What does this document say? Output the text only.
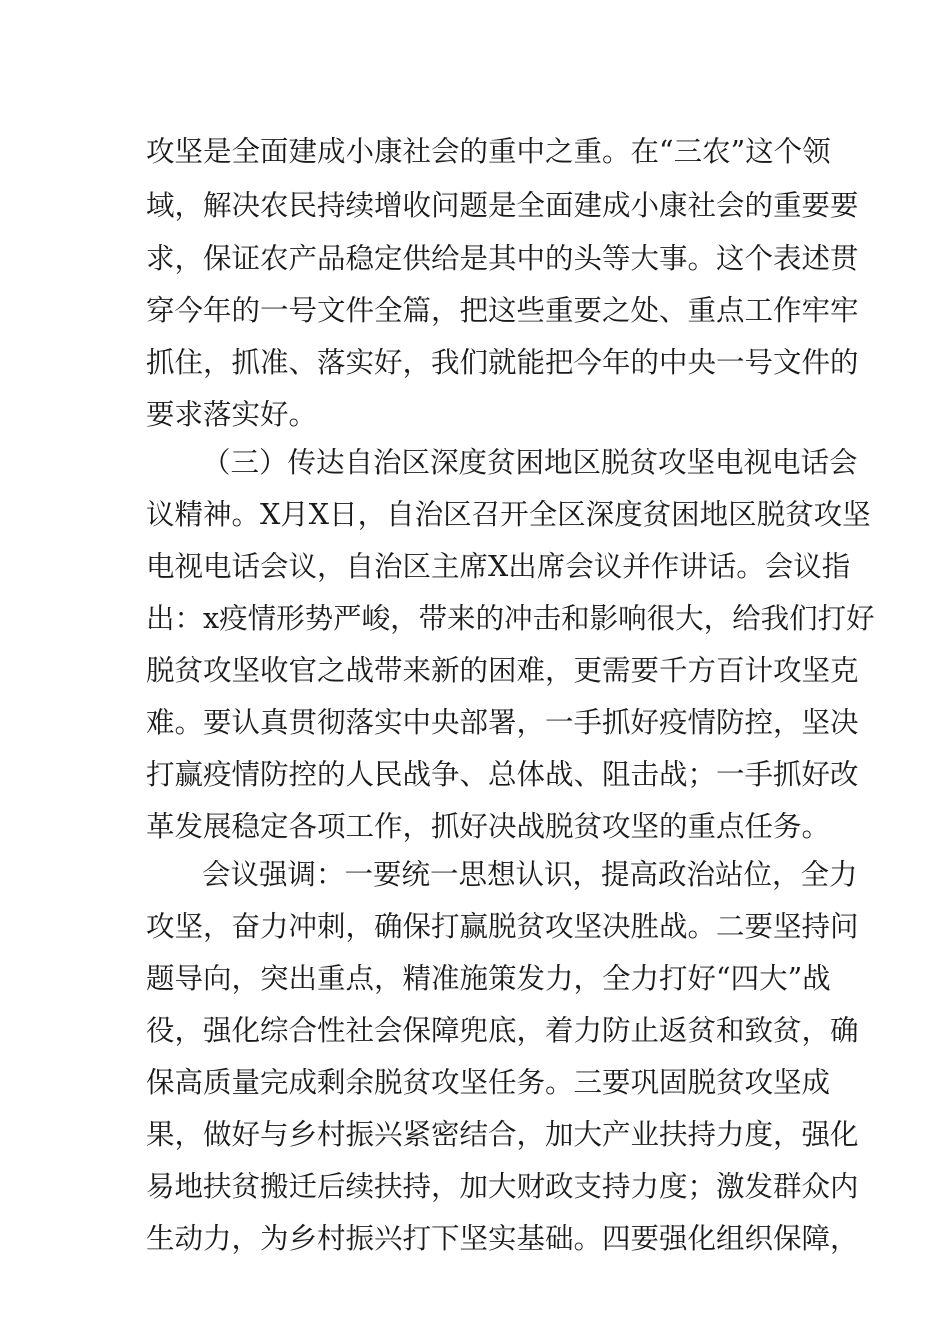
攻坚是全面建成小康社会的重中之重。在“三农”这个领
域，解决农民持续增收问题是全面建成小康社会的重要要
求，保证农产品稳定供给是其中的头等大事。这个表述贯
穿今年的一号文件全篇，把这些重要之处、重点工作牢牢
抓住，抓准、落实好，我们就能把今年的中央一号文件的
要求落实好。
（三）传达自治区深度贫困地区脱贫攻坚电视电话会
议精神。X月X日，自治区召开全区深度贫困地区脱贫攻坚
电视电话会议，自治区主席X出席会议并作讲话。会议指
出：x疫情形势严峻，带来的冲击和影响很大，给我们打好
脱贫攻坚收官之战带来新的困难，更需要千方百计攻坚克
难。要认真贯彻落实中央部署，一手抓好疫情防控，坚决
打赢疫情防控的人民战争、总体战、阻击战；一手抓好改
革发展稳定各项工作，抓好决战脱贫攻坚的重点任务。
会议强调：一要统一思想认识，提高政治站位，全力
攻坚，奋力冲刺，确保打赢脱贫攻坚决胜战。二要坚持问
题导向，突出重点，精准施策发力，全力打好“四大”战
役，强化综合性社会保障兜底，着力防止返贫和致贫，确
保高质量完成剩余脱贫攻坚任务。三要巩固脱贫攻坚成
果，做好与乡村振兴紧密结合，加大产业扶持力度，强化
易地扶贫搬迁后续扶持，加大财政支持力度；激发群众内
生动力，为乡村振兴打下坚实基础。四要强化组织保障，
